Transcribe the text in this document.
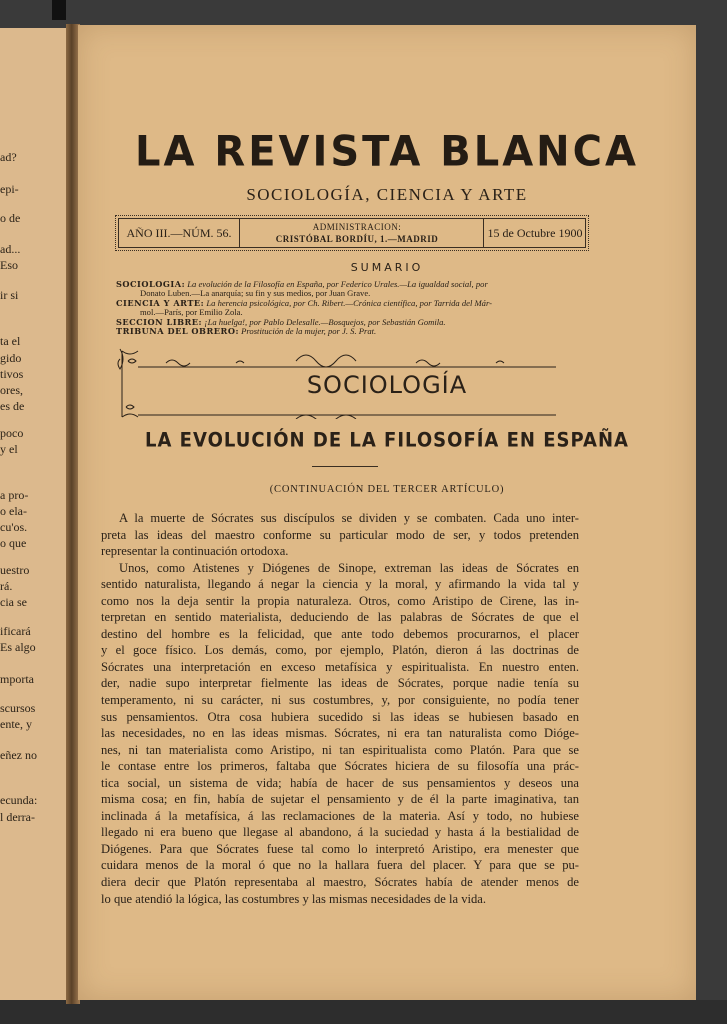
ad?
epi-
o de
ad...
Eso
ir si
ta el
gido
tivos
ores,
es de
poco
y el
a pro-
o ela-
cu'os.
o que
uestro
rá.
cia se
ificará
Es algo
mporta
scursos
ente, y
eñez no
ecunda:
l derra-
LA REVISTA BLANCA
SOCIOLOGÍA, CIENCIA Y ARTE
AÑO III.—NÚM. 56.	ADMINISTRACION:
CRISTÓBAL BORDÍU, 1.—MADRID	15 de Octubre 1900
SUMARIO
SOCIOLOGIA: La evolución de la Filosofía en España, por Federico Urales.—La igualdad social, por
Donato Luben.—La anarquía; su fin y sus medios, por Juan Grave.
CIENCIA Y ARTE: La herencia psicológica, por Ch. Ribert.—Crónica científica, por Tarrida del Már-
mol.—París, por Emilio Zola.
SECCION LIBRE: ¡La huelga!, por Pablo Delesalle.—Bosquejos, por Sebastián Gomila.
TRIBUNA DEL OBRERO: Prostitución de la mujer, por J. S. Prat.
SOCIOLOGÍA
LA EVOLUCIÓN DE LA FILOSOFÍA EN ESPAÑA
(CONTINUACIÓN DEL TERCER ARTÍCULO)
A la muerte de Sócrates sus discípulos se dividen y se combaten. Cada uno inter-
preta las ideas del maestro conforme su particular modo de ser, y todos pretenden
representar la continuación ortodoxa.
Unos, como Atistenes y Diógenes de Sinope, extreman las ideas de Sócrates en
sentido naturalista, llegando á negar la ciencia y la moral, y afirmando la vida tal y
como nos la deja sentir la propia naturaleza. Otros, como Aristipo de Cirene, las in-
terpretan en sentido materialista, deduciendo de las palabras de Sócrates de que el
destino del hombre es la felicidad, que ante todo debemos procurarnos, el placer
y el goce físico. Los demás, como, por ejemplo, Platón, dieron á las doctrinas de
Sócrates una interpretación en exceso metafísica y espiritualista. En nuestro enten.
der, nadie supo interpretar fielmente las ideas de Sócrates, porque nadie tenía su
temperamento, ni su carácter, ni sus costumbres, y, por consiguiente, no podía tener
sus pensamientos. Otra cosa hubiera sucedido si las ideas se hubiesen basado en
las necesidades, no en las ideas mismas. Sócrates, ni era tan naturalista como Dióge-
nes, ni tan materialista como Aristipo, ni tan espiritualista como Platón. Para que se
le contase entre los primeros, faltaba que Sócrates hiciera de su filosofía una prác-
tica social, un sistema de vida; había de hacer de sus pensamientos y deseos una
misma cosa; en fin, había de sujetar el pensamiento y de él la parte imaginativa, tan
inclinada á la metafísica, á las reclamaciones de la materia. Así y todo, no hubiese
llegado ni era bueno que llegase al abandono, á la suciedad y hasta á la bestialidad de
Diógenes. Para que Sócrates fuese tal como lo interpretó Aristipo, era menester que
cuidara menos de la moral ó que no la hallara fuera del placer. Y para que se pu-
diera decir que Platón representaba al maestro, Sócrates había de atender menos de
lo que atendió la lógica, las costumbres y las mismas necesidades de la vida.
